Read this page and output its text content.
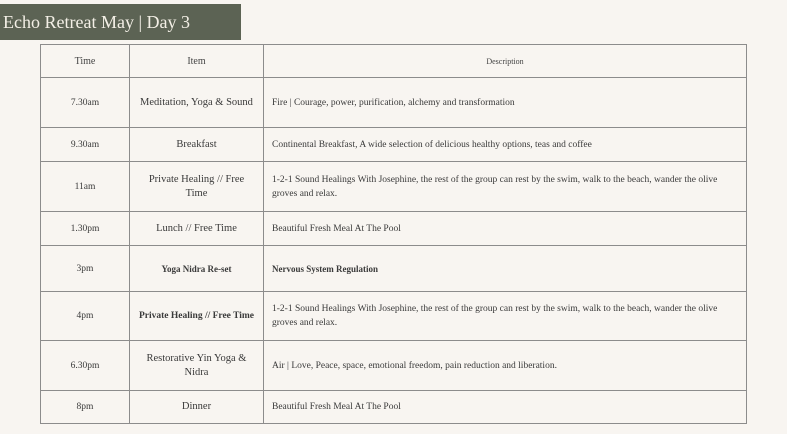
Echo Retreat May | Day 3
Time	Item	Description
7.30am	Meditation, Yoga & Sound	Fire | Courage, power, purification, alchemy and transformation
9.30am	Breakfast	Continental Breakfast, A wide selection of delicious healthy options, teas and coffee
11am	Private Healing // Free Time	1-2-1 Sound Healings With Josephine, the rest of the group can rest by the swim, walk to the beach, wander the olive groves and relax.
1.30pm	Lunch // Free Time	Beautiful Fresh Meal At The Pool
3pm	Yoga Nidra Re-set	Nervous System Regulation
4pm	Private Healing // Free Time	1-2-1 Sound Healings With Josephine, the rest of the group can rest by the swim, walk to the beach, wander the olive groves and relax.
6.30pm	Restorative Yin Yoga & Nidra	Air | Love, Peace, space, emotional freedom, pain reduction and liberation.
8pm	Dinner	Beautiful Fresh Meal At The Pool
